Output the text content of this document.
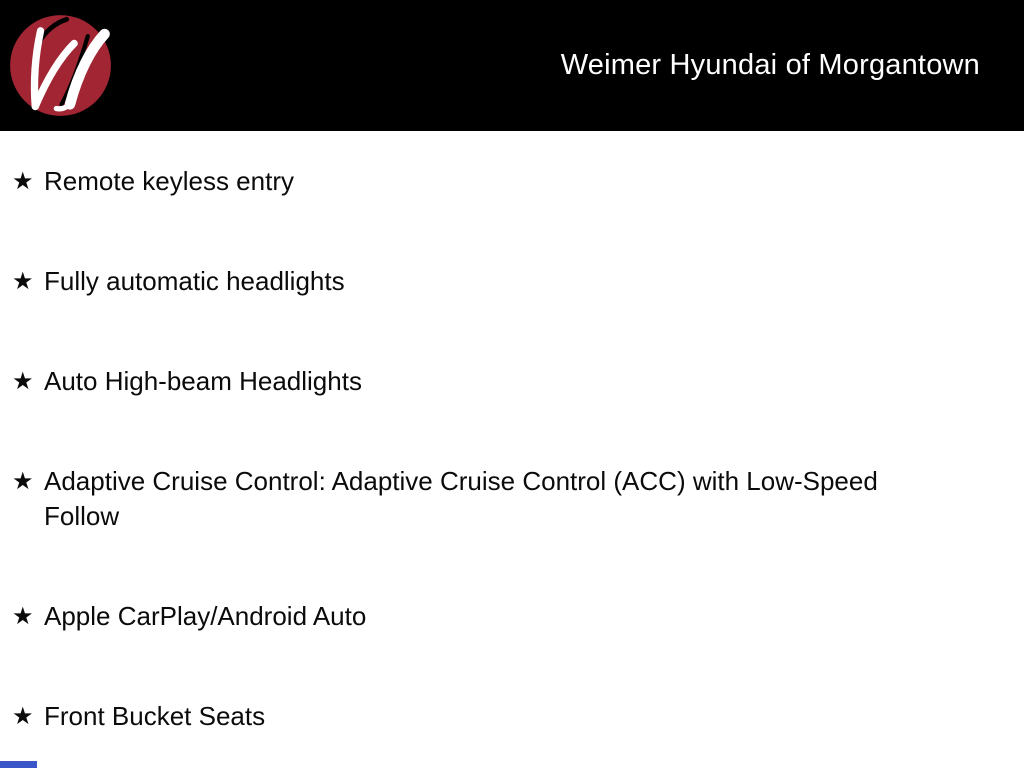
Weimer Hyundai of Morgantown
★ Remote keyless entry
★ Fully automatic headlights
★ Auto High-beam Headlights
★ Adaptive Cruise Control: Adaptive Cruise Control (ACC) with Low-Speed Follow
★ Apple CarPlay/Android Auto
★ Front Bucket Seats
